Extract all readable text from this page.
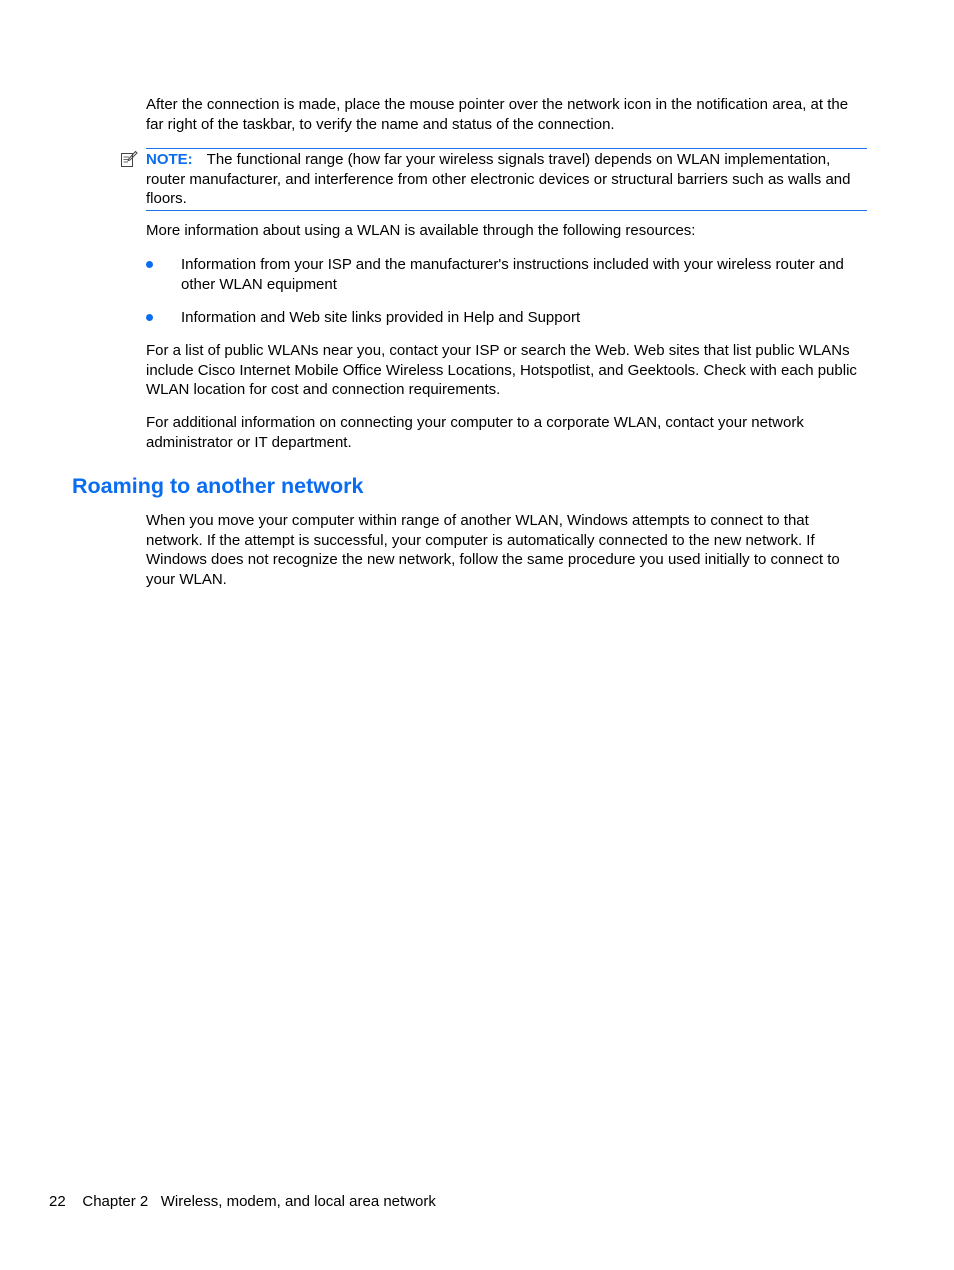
After the connection is made, place the mouse pointer over the network icon in the notification area, at the far right of the taskbar, to verify the name and status of the connection.

NOTE: The functional range (how far your wireless signals travel) depends on WLAN implementation, router manufacturer, and interference from other electronic devices or structural barriers such as walls and floors.

More information about using a WLAN is available through the following resources:

Information from your ISP and the manufacturer's instructions included with your wireless router and other WLAN equipment
Information and Web site links provided in Help and Support

For a list of public WLANs near you, contact your ISP or search the Web. Web sites that list public WLANs include Cisco Internet Mobile Office Wireless Locations, Hotspotlist, and Geektools. Check with each public WLAN location for cost and connection requirements.

For additional information on connecting your computer to a corporate WLAN, contact your network administrator or IT department.

Roaming to another network

When you move your computer within range of another WLAN, Windows attempts to connect to that network. If the attempt is successful, your computer is automatically connected to the new network. If Windows does not recognize the new network, follow the same procedure you used initially to connect to your WLAN.

22 Chapter 2 Wireless, modem, and local area network
